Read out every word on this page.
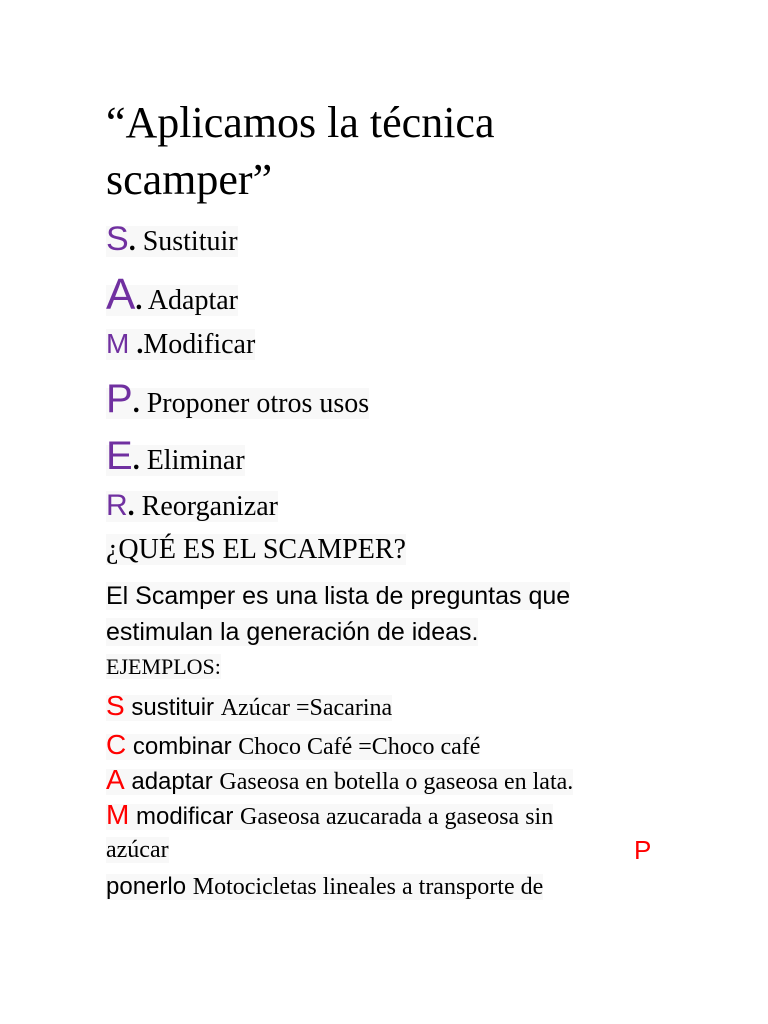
“Aplicamos la técnica scamper”
S. Sustituir
A. Adaptar
M .Modificar
P. Proponer otros usos
E. Eliminar
R. Reorganizar
¿QUÉ ES EL SCAMPER?
El Scamper es una lista de preguntas que estimulan la generación de ideas.
EJEMPLOS:
S sustituir Azúcar =Sacarina
C combinar Choco Café =Choco café
A adaptar Gaseosa en botella o gaseosa en lata.
M modificar Gaseosa azucarada a gaseosa sin
azúcar	P
ponerlo Motocicletas lineales a transporte de
